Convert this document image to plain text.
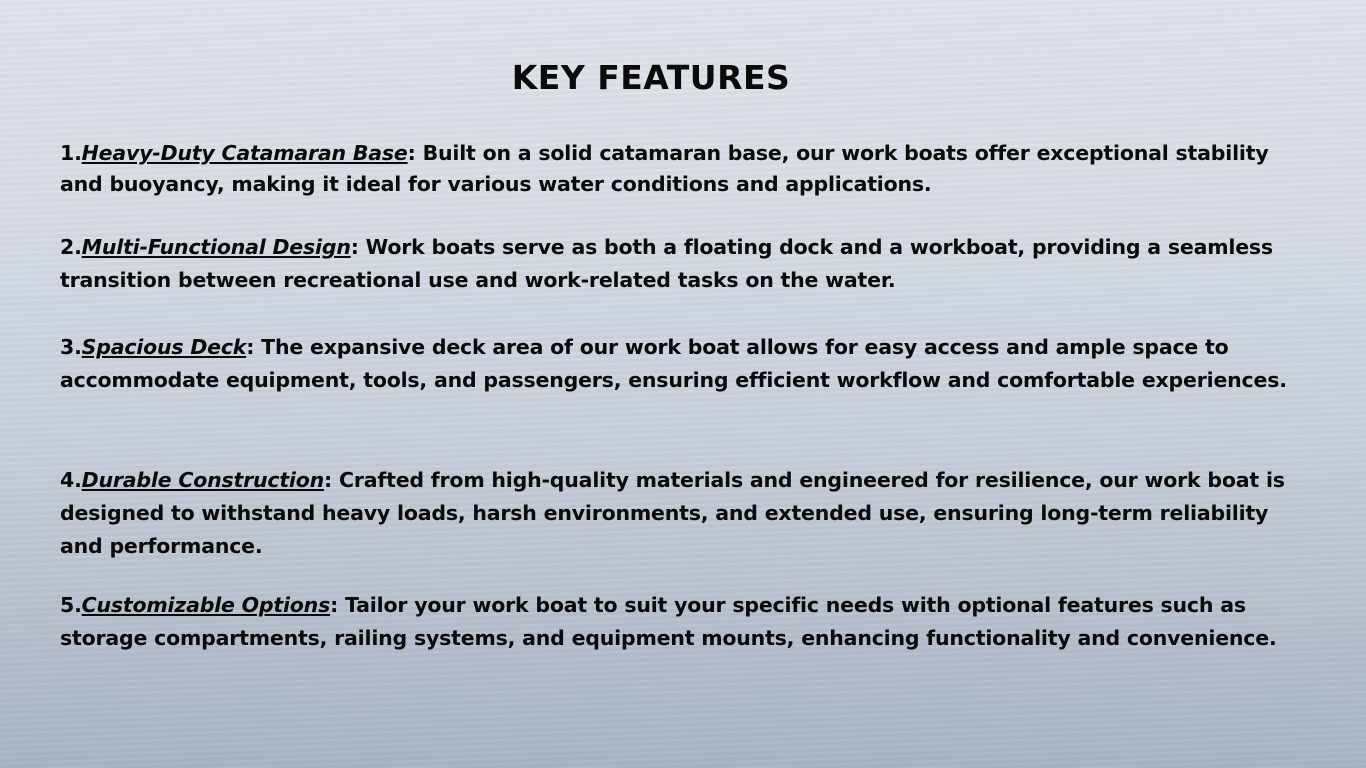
KEY FEATURES

1.Heavy-Duty Catamaran Base: Built on a solid catamaran base, our work boats offer exceptional stability and buoyancy, making it ideal for various water conditions and applications.

2.Multi-Functional Design: Work boats serve as both a floating dock and a workboat, providing a seamless transition between recreational use and work-related tasks on the water.

3.Spacious Deck: The expansive deck area of our work boat allows for easy access and ample space to accommodate equipment, tools, and passengers, ensuring efficient workflow and comfortable experiences.

4.Durable Construction: Crafted from high-quality materials and engineered for resilience, our work boat is designed to withstand heavy loads, harsh environments, and extended use, ensuring long-term reliability and performance.

5.Customizable Options: Tailor your work boat to suit your specific needs with optional features such as storage compartments, railing systems, and equipment mounts, enhancing functionality and convenience.
